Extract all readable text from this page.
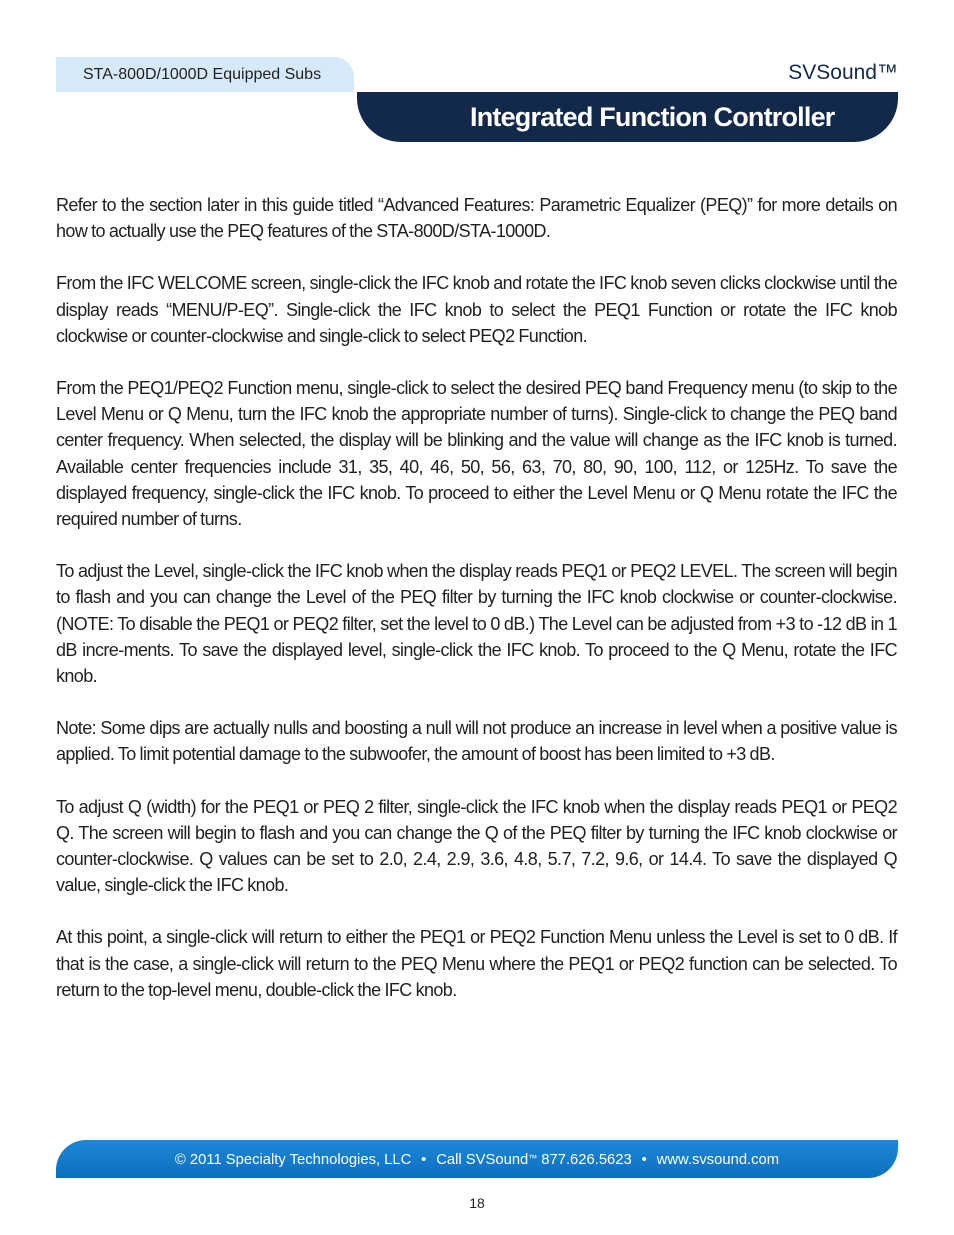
STA-800D/1000D Equipped Subs	SVSound™
Integrated Function Controller

Refer to the section later in this guide titled “Advanced Features: Parametric Equalizer (PEQ)” for more details on how to actually use the PEQ features of the STA-800D/STA-1000D.

From the IFC WELCOME screen, single-click the IFC knob and rotate the IFC knob seven clicks clockwise until the display reads “MENU/P-EQ”. Single-click the IFC knob to select the PEQ1 Function or rotate the IFC knob clockwise or counter-clockwise and single-click to select PEQ2 Function.

From the PEQ1/PEQ2 Function menu, single-click to select the desired PEQ band Frequency menu (to skip to the Level Menu or Q Menu, turn the IFC knob the appropriate number of turns). Single-click to change the PEQ band center frequency. When selected, the display will be blinking and the value will change as the IFC knob is turned. Available center frequencies include 31, 35, 40, 46, 50, 56, 63, 70, 80, 90, 100, 112, or 125Hz. To save the displayed frequency, single-click the IFC knob. To proceed to either the Level Menu or Q Menu rotate the IFC the required number of turns.

To adjust the Level, single-click the IFC knob when the display reads PEQ1 or PEQ2 LEVEL. The screen will begin to flash and you can change the Level of the PEQ filter by turning the IFC knob clockwise or counter-clockwise.(NOTE: To disable the PEQ1 or PEQ2 filter, set the level to 0 dB.) The Level can be adjusted from +3 to -12 dB in 1 dB incre-ments. To save the displayed level, single-click the IFC knob. To proceed to the Q Menu, rotate the IFC knob.

Note: Some dips are actually nulls and boosting a null will not produce an increase in level when a positive value is applied. To limit potential damage to the subwoofer, the amount of boost has been limited to +3 dB.

To adjust Q (width) for the PEQ1 or PEQ 2 filter, single-click the IFC knob when the display reads PEQ1 or PEQ2 Q. The screen will begin to flash and you can change the Q of the PEQ filter by turning the IFC knob clockwise or counter-clockwise. Q values can be set to 2.0, 2.4, 2.9, 3.6, 4.8, 5.7, 7.2, 9.6, or 14.4. To save the displayed Q value, single-click the IFC knob.

At this point, a single-click will return to either the PEQ1 or PEQ2 Function Menu unless the Level is set to 0 dB. If that is the case, a single-click will return to the PEQ Menu where the PEQ1 or PEQ2 function can be selected. To return to the top-level menu, double-click the IFC knob.

© 2011 Specialty Technologies, LLC • Call SVSound™ 877.626.5623 • www.svsound.com
18
